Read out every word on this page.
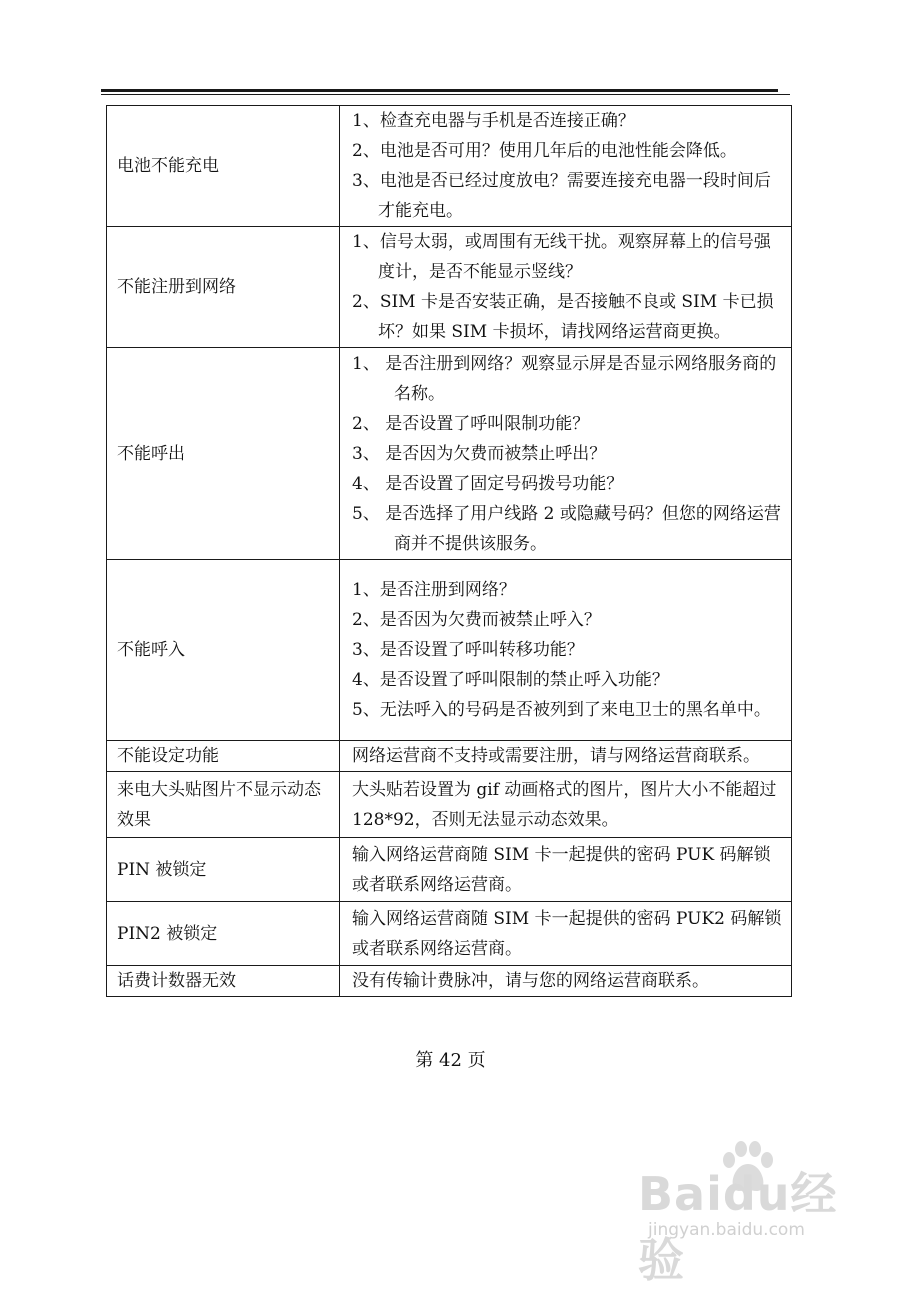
电池不能充电	1、检查充电器与手机是否连接正确？
2、电池是否可用？使用几年后的电池性能会降低。
3、电池是否已经过度放电？需要连接充电器一段时间后才能充电。

不能注册到网络	1、信号太弱，或周围有无线干扰。观察屏幕上的信号强度计，是否不能显示竖线？
2、SIM 卡是否安装正确，是否接触不良或 SIM 卡已损坏？如果 SIM 卡损坏，请找网络运营商更换。

不能呼出	1、 是否注册到网络？观察显示屏是否显示网络服务商的名称。
2、 是否设置了呼叫限制功能？
3、 是否因为欠费而被禁止呼出？
4、 是否设置了固定号码拨号功能？
5、 是否选择了用户线路 2 或隐藏号码？但您的网络运营商并不提供该服务。

不能呼入	1、是否注册到网络？
2、是否因为欠费而被禁止呼入？
3、是否设置了呼叫转移功能？
4、是否设置了呼叫限制的禁止呼入功能？
5、无法呼入的号码是否被列到了来电卫士的黑名单中。

不能设定功能	网络运营商不支持或需要注册，请与网络运营商联系。
来电大头贴图片不显示动态效果	大头贴若设置为 gif 动画格式的图片，图片大小不能超过 128*92，否则无法显示动态效果。
PIN 被锁定	输入网络运营商随 SIM 卡一起提供的密码 PUK 码解锁或者联系网络运营商。
PIN2 被锁定	输入网络运营商随 SIM 卡一起提供的密码 PUK2 码解锁或者联系网络运营商。
话费计数器无效	没有传输计费脉冲，请与您的网络运营商联系。
第 42 页
Baidu经验
jingyan.baidu.com
